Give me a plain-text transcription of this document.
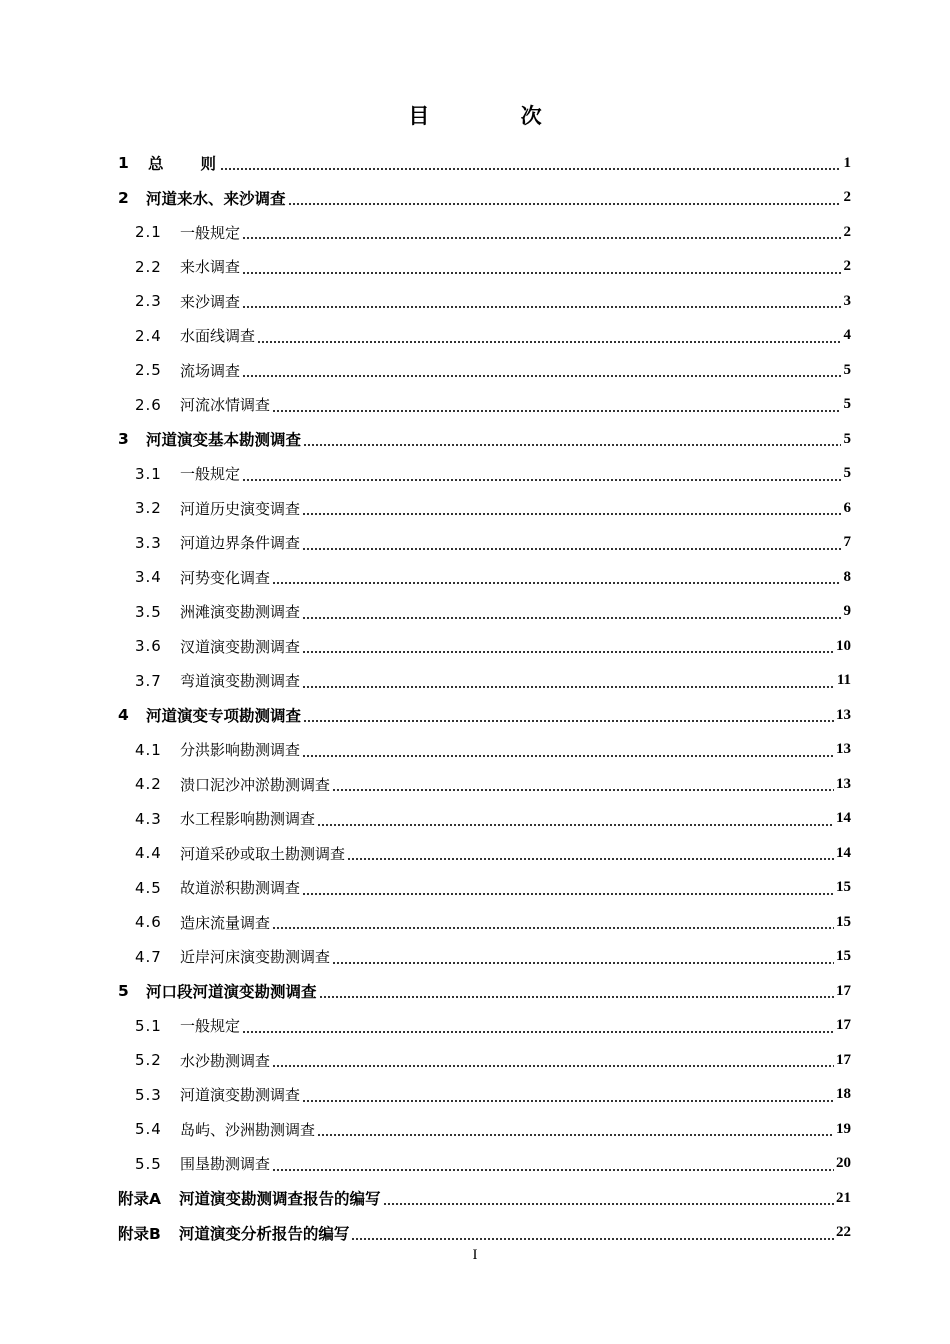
目 次
1	总　　则	1
2	河道来水、来沙调查	2
2.1	一般规定	2
2.2	来水调查	2
2.3	来沙调查	3
2.4	水面线调查	4
2.5	流场调查	5
2.6	河流冰情调查	5
3	河道演变基本勘测调查	5
3.1	一般规定	5
3.2	河道历史演变调查	6
3.3	河道边界条件调查	7
3.4	河势变化调查	8
3.5	洲滩演变勘测调查	9
3.6	汊道演变勘测调查	10
3.7	弯道演变勘测调查	11
4	河道演变专项勘测调查	13
4.1	分洪影响勘测调查	13
4.2	溃口泥沙冲淤勘测调查	13
4.3	水工程影响勘测调查	14
4.4	河道采砂或取土勘测调查	14
4.5	故道淤积勘测调查	15
4.6	造床流量调查	15
4.7	近岸河床演变勘测调查	15
5	河口段河道演变勘测调查	17
5.1	一般规定	17
5.2	水沙勘测调查	17
5.3	河道演变勘测调查	18
5.4	岛屿、沙洲勘测调查	19
5.5	围垦勘测调查	20
附录A 河道演变勘测调查报告的编写	21
附录B 河道演变分析报告的编写	22
I
